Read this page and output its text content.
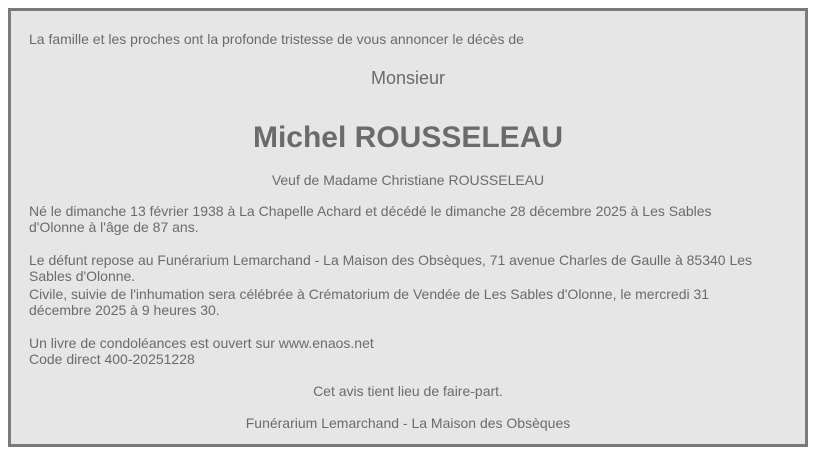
La famille et les proches ont la profonde tristesse de vous annoncer le décès de

Monsieur

Michel ROUSSELEAU

Veuf de Madame Christiane ROUSSELEAU

Né le dimanche 13 février 1938 à La Chapelle Achard et décédé le dimanche 28 décembre 2025 à Les Sables d'Olonne à l'âge de 87 ans.

Le défunt repose au Funérarium Lemarchand - La Maison des Obsèques, 71 avenue Charles de Gaulle à 85340 Les Sables d'Olonne.

Civile, suivie de l'inhumation sera célébrée à Crématorium de Vendée de Les Sables d'Olonne, le mercredi 31 décembre 2025 à 9 heures 30.

Un livre de condoléances est ouvert sur www.enaos.net

Code direct 400-20251228

Cet avis tient lieu de faire-part.

Funérarium Lemarchand - La Maison des Obsèques
